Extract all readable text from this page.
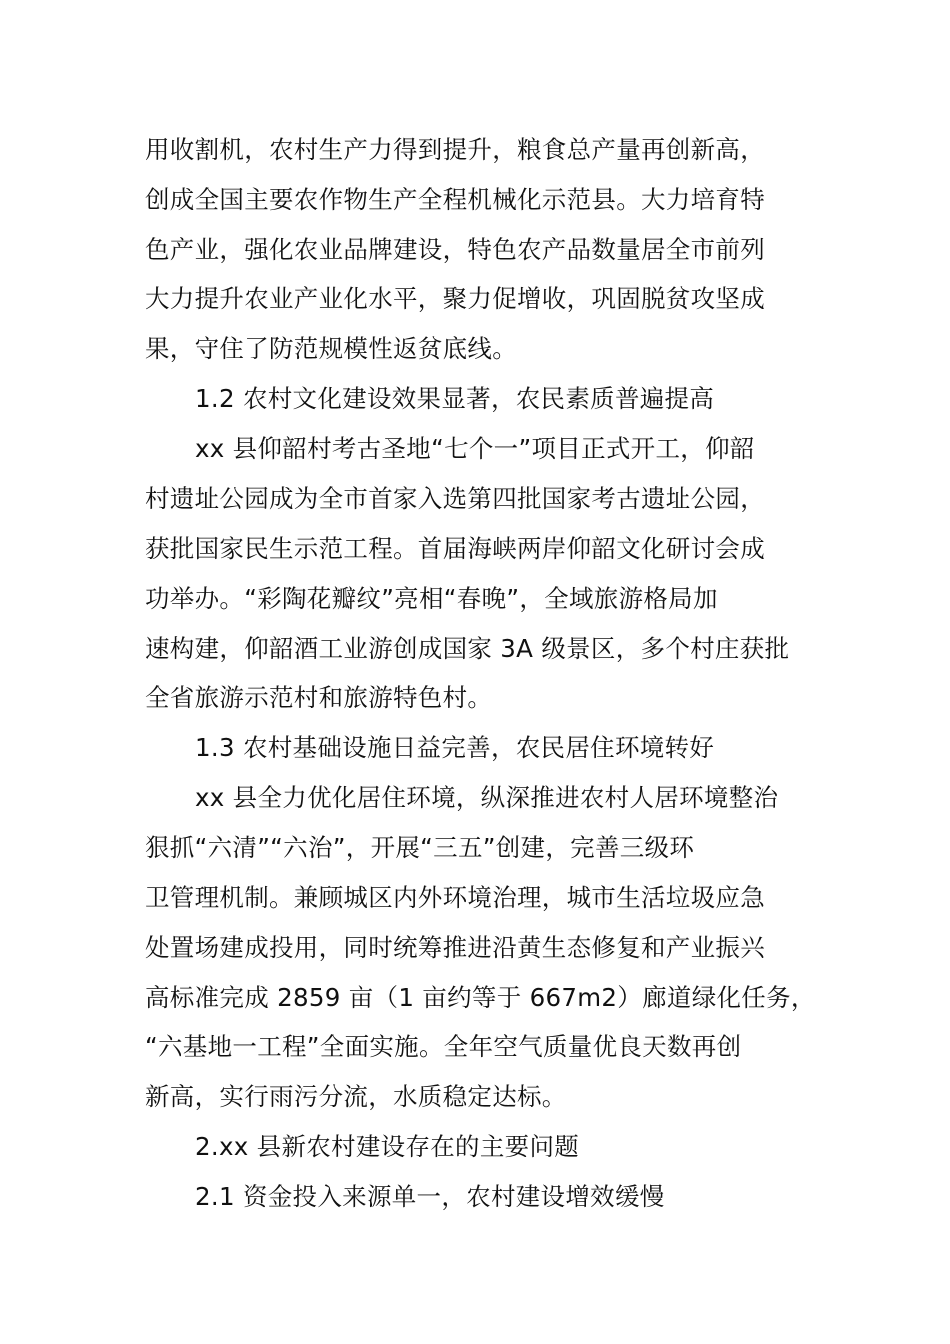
用收割机，农村生产力得到提升，粮食总产量再创新高，
创成全国主要农作物生产全程机械化示范县。大力培育特
色产业，强化农业品牌建设，特色农产品数量居全市前列
大力提升农业产业化水平，聚力促增收，巩固脱贫攻坚成
果，守住了防范规模性返贫底线。
1.2 农村文化建设效果显著，农民素质普遍提高
xx 县仰韶村考古圣地“七个一”项目正式开工，仰韶
村遗址公园成为全市首家入选第四批国家考古遗址公园，
获批国家民生示范工程。首届海峡两岸仰韶文化研讨会成
功举办。“彩陶花瓣纹”亮相“春晚”，全域旅游格局加
速构建，仰韶酒工业游创成国家 3A 级景区，多个村庄获批
全省旅游示范村和旅游特色村。
1.3 农村基础设施日益完善，农民居住环境转好
xx 县全力优化居住环境，纵深推进农村人居环境整治
狠抓“六清”“六治”，开展“三五”创建，完善三级环
卫管理机制。兼顾城区内外环境治理，城市生活垃圾应急
处置场建成投用，同时统筹推进沿黄生态修复和产业振兴
高标准完成 2859 亩（1 亩约等于 667m2）廊道绿化任务，
“六基地一工程”全面实施。全年空气质量优良天数再创
新高，实行雨污分流，水质稳定达标。
2.xx 县新农村建设存在的主要问题
2.1 资金投入来源单一，农村建设增效缓慢
